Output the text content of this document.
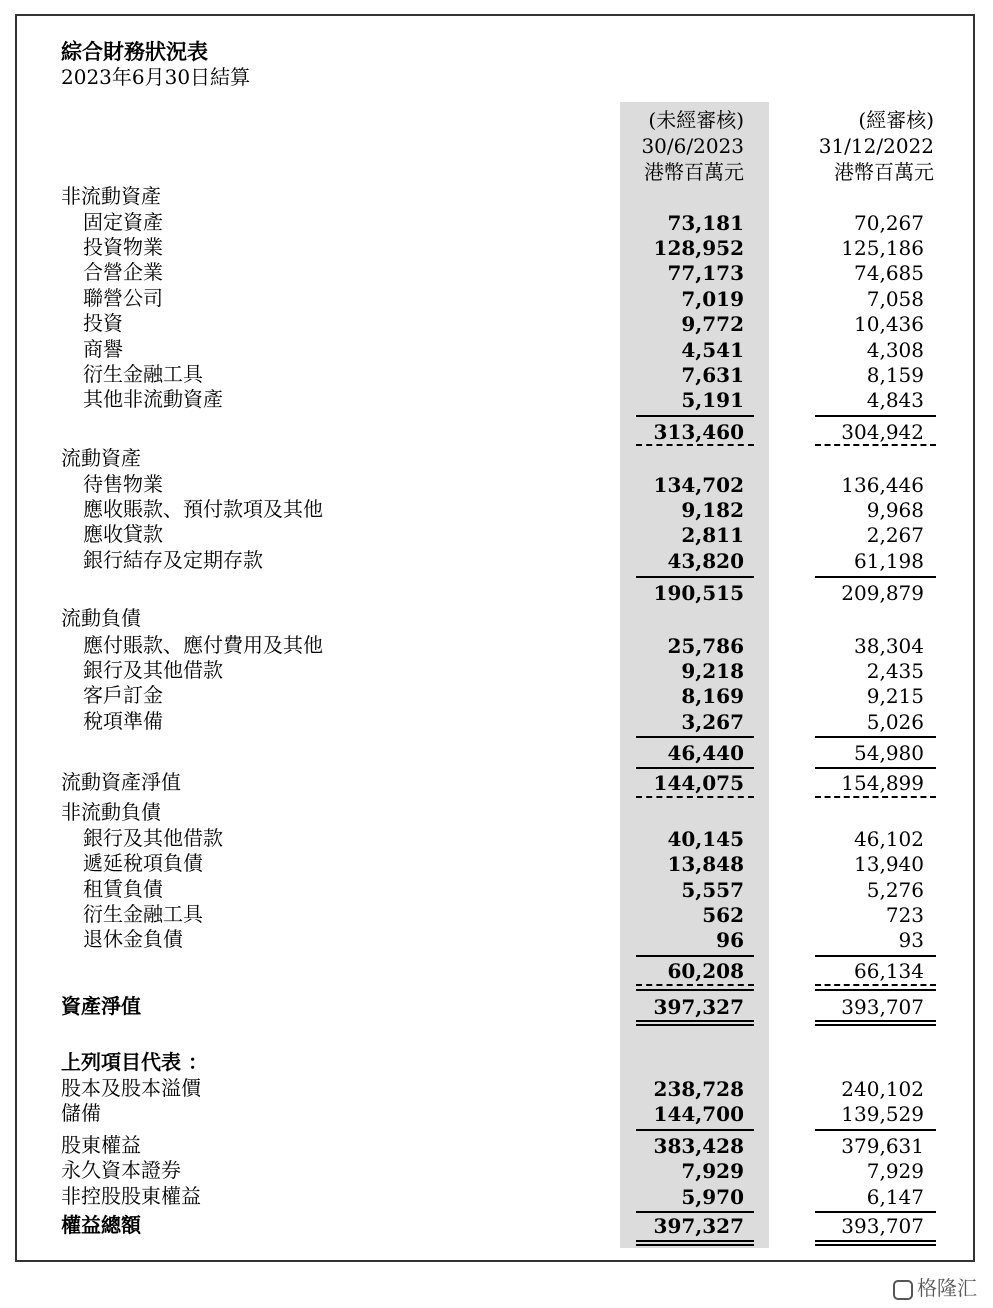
綜合財務狀況表
2023年6月30日結算
(未經審核)
30/6/2023
港幣百萬元
(經審核)
31/12/2022
港幣百萬元
非流動資產
固定資產	73,181	70,267
投資物業	128,952	125,186
合營企業	77,173	74,685
聯營公司	7,019	7,058
投資	9,772	10,436
商譽	4,541	4,308
衍生金融工具	7,631	8,159
其他非流動資產	5,191	4,843
313,460	304,942
流動資產
待售物業	134,702	136,446
應收賬款、預付款項及其他	9,182	9,968
應收貸款	2,811	2,267
銀行結存及定期存款	43,820	61,198
190,515	209,879
流動負債
應付賬款、應付費用及其他	25,786	38,304
銀行及其他借款	9,218	2,435
客戶訂金	8,169	9,215
稅項準備	3,267	5,026
46,440	54,980
流動資產淨值	144,075	154,899
非流動負債
銀行及其他借款	40,145	46,102
遞延稅項負債	13,848	13,940
租賃負債	5,557	5,276
衍生金融工具	562	723
退休金負債	96	93
60,208	66,134
資產淨值	397,327	393,707
上列項目代表 ：
股本及股本溢價	238,728	240,102
儲備	144,700	139,529
股東權益	383,428	379,631
永久資本證券	7,929	7,929
非控股股東權益	5,970	6,147
權益總額	397,327	393,707
格隆汇
